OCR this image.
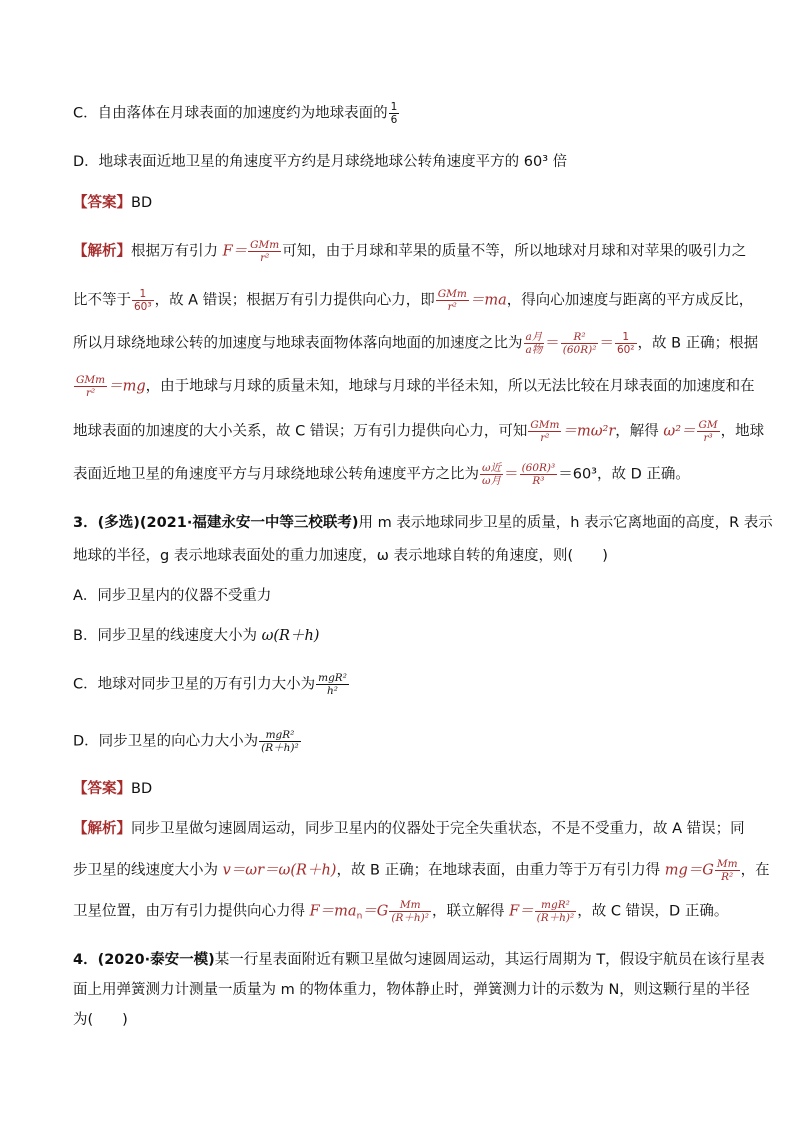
C．自由落体在月球表面的加速度约为地球表面的 $\frac{1}{6}$
D．地球表面近地卫星的角速度平方约是月球绕地球公转角速度平方的 60³ 倍
【答案】BD
【解析】根据万有引力 $F= \frac{\text{GMm}}{\text{r²}}$ 可知，由于月球和苹果的质量不等，所以地球对月球和对苹果的吸引力之
比不等于 $\frac{1}{\text{60³}}$ ，故 A 错误；根据万有引力提供向心力，即 $\frac{\text{GMm}}{\text{r²}} =ma$，得向心加速度与距离的平方成反比，
所以月球绕地球公转的加速度与地球表面物体落向地面的加速度之比为 $\frac{\text{a月}}{\text{a物}} = \frac{\text{R²}}{\text{(60R)²}} = \frac{1}{\text{60²}}$ ，故 B 正确；根据
$\frac{\text{GMm}}{\text{r²}} =mg$，由于地球与月球的质量未知，地球与月球的半径未知，所以无法比较在月球表面的加速度和在
地球表面的加速度的大小关系，故 C 错误；万有引力提供向心力，可知 $\frac{\text{GMm}}{\text{r²}} =m\omega^2r$，解得 $\omega^2= \frac{GM}{\text{r³}}$ ，地球
表面近地卫星的角速度平方与月球绕地球公转角速度平方之比为 $\frac{\text{ω近}}{\text{ω月}} = \frac{\text{(60R)³}}{\text{R³}} =60^3$，故 D 正确。
3．(多选)(2021·福建永安一中等三校联考)用 m 表示地球同步卫星的质量，h 表示它离地面的高度，R 表示
地球的半径，g 表示地球表面处的重力加速度，ω 表示地球自转的角速度，则(　　)
A．同步卫星内的仪器不受重力
B．同步卫星的线速度大小为 ω(R＋h)
C．地球对同步卫星的万有引力大小为 $\frac{\text{mgR²}}{\text{h²}}$
D．同步卫星的向心力大小为 $\frac{\text{mgR²}}{\text{(R＋h)²}}$
【答案】BD
【解析】同步卫星做匀速圆周运动，同步卫星内的仪器处于完全失重状态，不是不受重力，故 A 错误；同
步卫星的线速度大小为 v＝ωr＝ω(R＋h)，故 B 正确；在地球表面，由重力等于万有引力得 $mg=G \frac{Mm}{\text{R²}}$ ，在
卫星位置，由万有引力提供向心力得 $F=ma_n=G \frac{Mm}{\text{(R＋h)²}}$ ，联立解得 $F= \frac{\text{mgR²}}{\text{(R＋h)²}}$ ，故 C 错误，D 正确。
4．(2020·泰安一模)某一行星表面附近有颗卫星做匀速圆周运动，其运行周期为 T，假设宇航员在该行星表
面上用弹簧测力计测量一质量为 m 的物体重力，物体静止时，弹簧测力计的示数为 N，则这颗行星的半径
为(　　)
